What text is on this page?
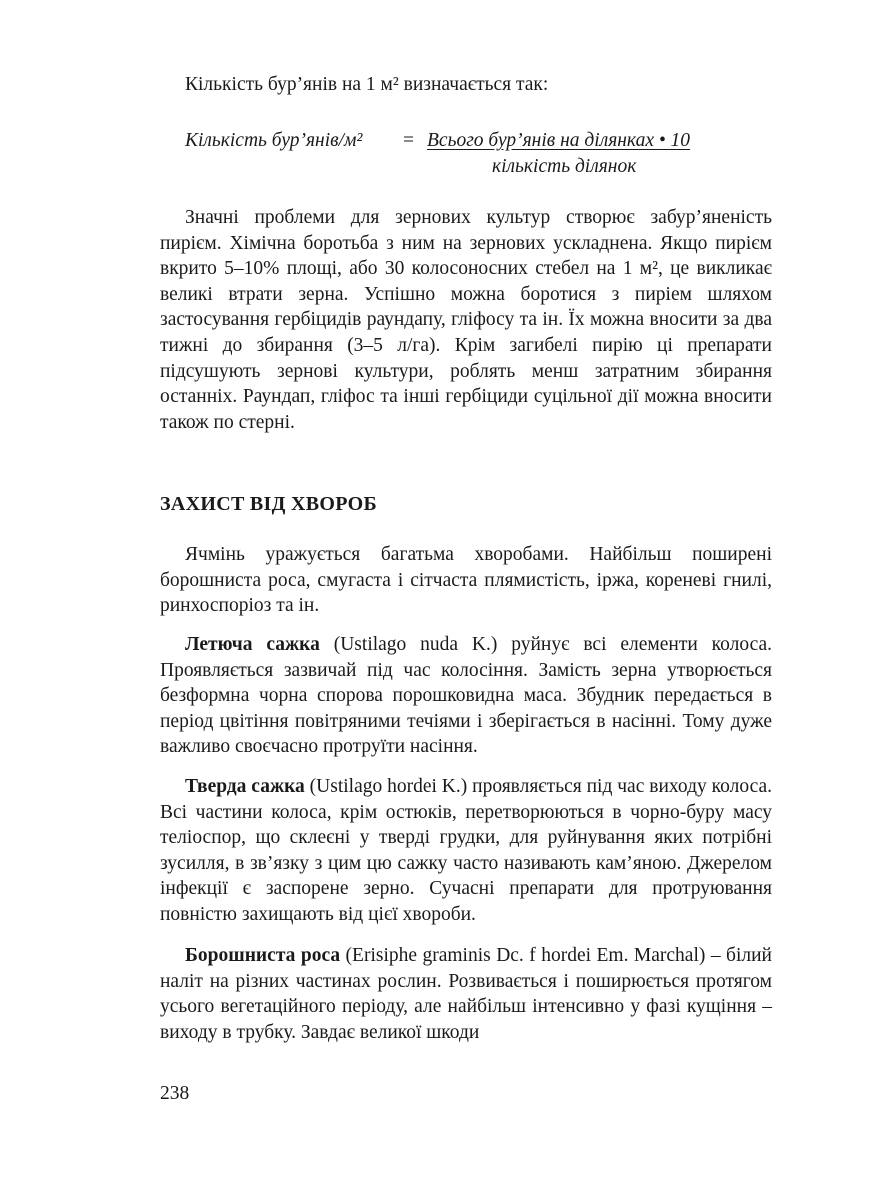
Кількість бур’янів на 1 м² визначається так:

Кількість бур’янів/м² = Всього бур’янів на ділянках • 10
кількість ділянок

Значні проблеми для зернових культур створює забур’яненість пирієм. Хімічна боротьба з ним на зернових ускладнена. Якщо пирієм вкрито 5–10% площі, або 30 колосоносних стебел на 1 м², це викликає великі втрати зерна. Успішно можна боротися з пиріем шляхом застосування гербіцидів раундапу, гліфосу та ін. Їх можна вносити за два тижні до збирання (3–5 л/га). Крім загибелі пирію ці препарати підсушують зернові культури, роблять менш затратним збирання останніх. Раундап, гліфос та інші гербіциди суцільної дії можна вносити також по стерні.

ЗАХИСТ ВІД ХВОРОБ

Ячмінь уражується багатьма хворобами. Найбільш поширені борошниста роса, смугаста і сітчаста плямистість, іржа, кореневі гнилі, ринхоспоріоз та ін.

Летюча сажка (Ustilago nuda K.) руйнує всі елементи колоса. Проявляється зазвичай під час колосіння. Замість зерна утворюється безформна чорна спорова порошковидна маса. Збудник передається в період цвітіння повітряними течіями і зберігається в насінні. Тому дуже важливо своєчасно протруїти насіння.

Тверда сажка (Ustilago hordei K.) проявляється під час виходу колоса. Всі частини колоса, крім остюків, перетворюються в чорно-буру масу теліоспор, що склеєні у тверді грудки, для руйнування яких потрібні зусилля, в зв’язку з цим цю сажку часто називають кам’яною. Джерелом інфекції є заспорене зерно. Сучасні препарати для протруювання повністю захищають від цієї хвороби.

Борошниста роса (Erisiphe graminis Dc. f hordei Em. Marchal) – білий наліт на різних частинах рослин. Розвивається і поширюється протягом усього вегетаційного періоду, але найбільш інтенсивно у фазі кущіння – виходу в трубку. Завдає великої шкоди

238
